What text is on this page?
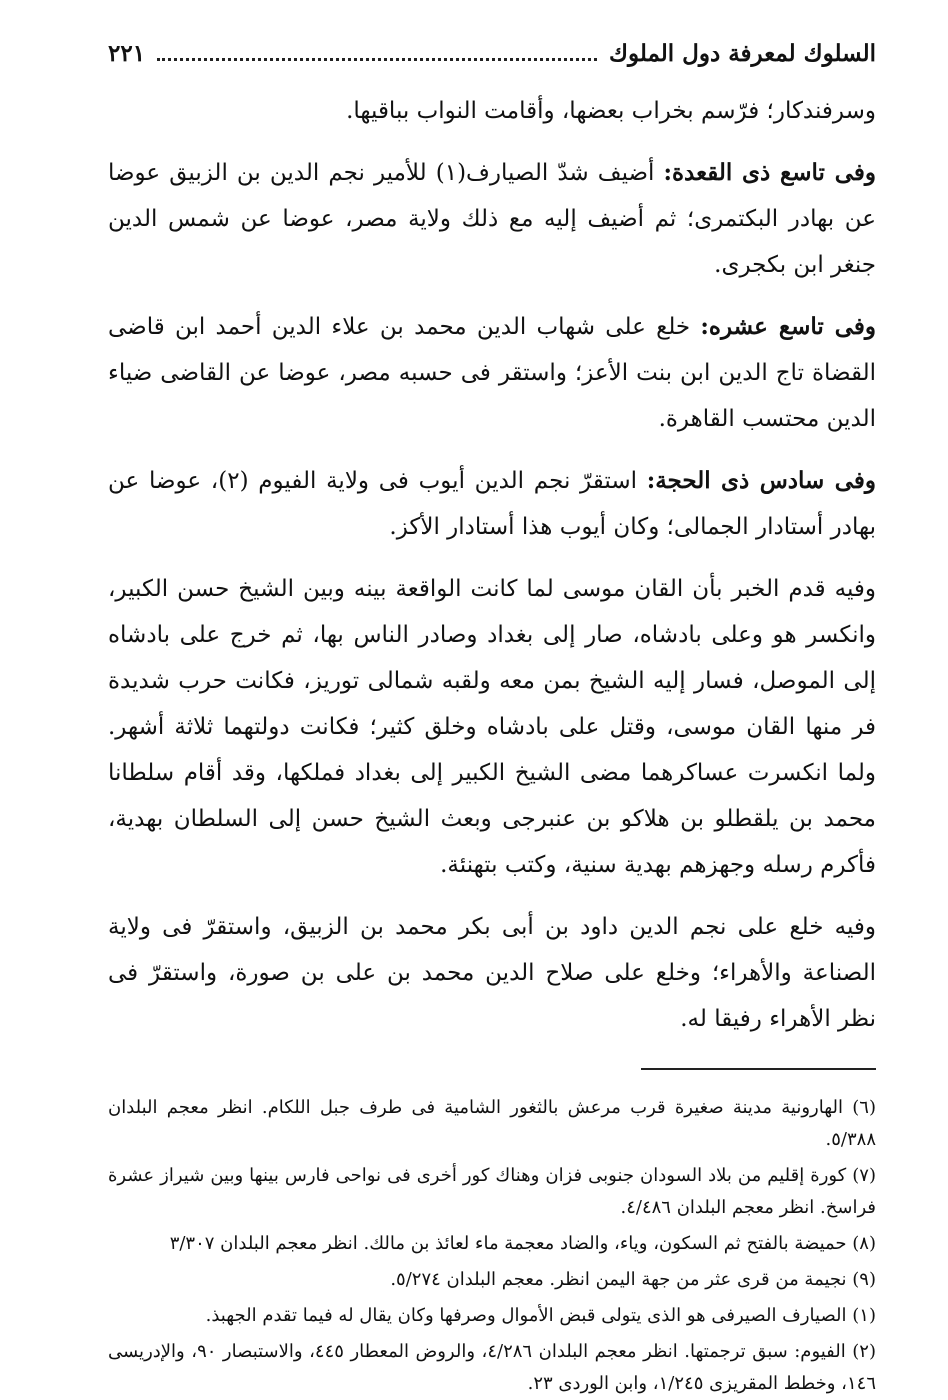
السلوك لمعرفة دول الملوك
٢٢١

وسرفندكار؛ فرّسم بخراب بعضها، وأقامت النواب بباقيها.

وفى تاسع ذى القعدة: أضيف شدّ الصيارف(١) للأمير نجم الدين بن الزبيق عوضا عن بهادر البكتمرى؛ ثم أضيف إليه مع ذلك ولاية مصر، عوضا عن شمس الدين جنغر ابن بكجرى.

وفى تاسع عشره: خلع على شهاب الدين محمد بن علاء الدين أحمد ابن قاضى القضاة تاج الدين ابن بنت الأعز؛ واستقر فى حسبه مصر، عوضا عن القاضى ضياء الدين محتسب القاهرة.

وفى سادس ذى الحجة: استقرّ نجم الدين أيوب فى ولاية الفيوم (٢)، عوضا عن بهادر أستادار الجمالى؛ وكان أيوب هذا أستادار الأكز.

وفيه قدم الخبر بأن القان موسى لما كانت الواقعة بينه وبين الشيخ حسن الكبير، وانكسر هو وعلى بادشاه، صار إلى بغداد وصادر الناس بها، ثم خرج على بادشاه إلى الموصل، فسار إليه الشيخ بمن معه ولقبه شمالى توريز، فكانت حرب شديدة فر منها القان موسى، وقتل على بادشاه وخلق كثير؛ فكانت دولتهما ثلاثة أشهر. ولما انكسرت عساكرهما مضى الشيخ الكبير إلى بغداد فملكها، وقد أقام سلطانا محمد بن يلقطلو بن هلاكو بن عنبرجى وبعث الشيخ حسن إلى السلطان بهدية، فأكرم رسله وجهزهم بهدية سنية، وكتب بتهنئة.

وفيه خلع على نجم الدين داود بن أبى بكر محمد بن الزبيق، واستقرّ فى ولاية الصناعة والأهراء؛ وخلع على صلاح الدين محمد بن على بن صورة، واستقرّ فى نظر الأهراء رفيقا له.

(٦) الهارونية مدينة صغيرة قرب مرعش بالثغور الشامية فى طرف جبل اللكام. انظر معجم البلدان ٥/٣٨٨.

(٧) كورة إقليم من بلاد السودان جنوبى فزان وهناك كور أخرى فى نواحى فارس بينها وبين شيراز عشرة فراسخ. انظر معجم البلدان ٤/٤٨٦.

(٨) حميضة بالفتح ثم السكون، وياء، والضاد معجمة ماء لعائذ بن مالك. انظر معجم البلدان ٣/٣٠٧

(٩) نجيمة من قرى عثر من جهة اليمن انظر. معجم البلدان ٥/٢٧٤.

(١) الصيارف الصيرفى هو الذى يتولى قبض الأموال وصرفها وكان يقال له فيما تقدم الجهبذ.

(٢) الفيوم: سبق ترجمتها. انظر معجم البلدان ٤/٢٨٦، والروض المعطار ٤٤٥، والاستبصار ٩٠، والإدريسى ١٤٦، وخطط المقريزى ١/٢٤٥، وابن الوردى ٢٣.
